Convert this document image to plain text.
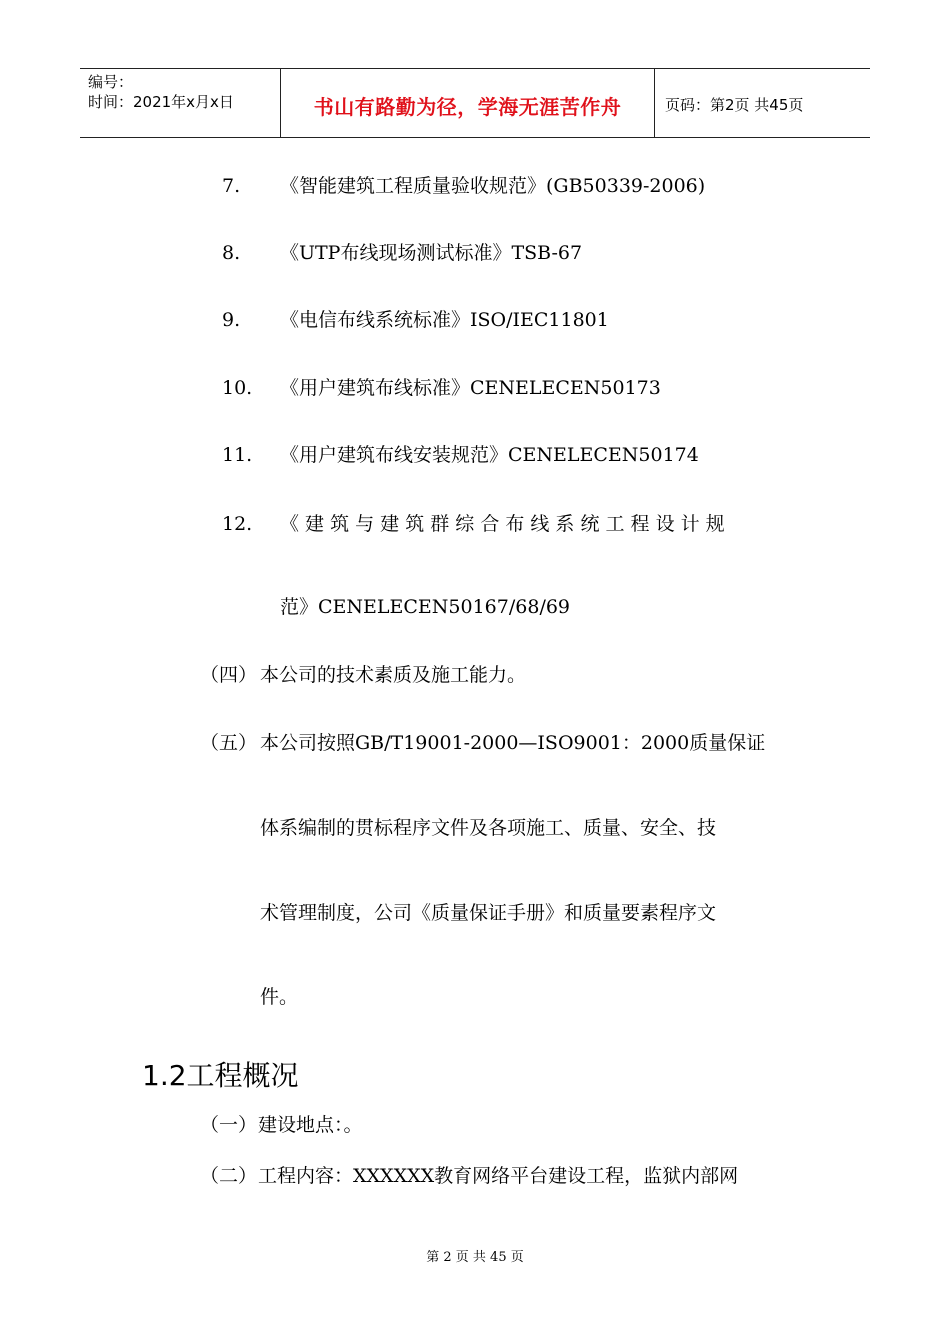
编号：
时间：2021年x月x日	书山有路勤为径，学海无涯苦作舟	页码：第2页 共45页
7. 《智能建筑工程质量验收规范》(GB50339-2006)
8. 《UTP布线现场测试标准》TSB-67
9. 《电信布线系统标准》ISO/IEC11801
10. 《用户建筑布线标准》CENELECEN50173
11. 《用户建筑布线安装规范》CENELECEN50174
12. 《 建 筑 与 建 筑 群 综 合 布 线 系 统 工 程 设 计 规
范》CENELECEN50167/68/69
（四） 本公司的技术素质及施工能力。
（五） 本公司按照GB/T19001-2000—ISO9001：2000质量保证
体系编制的贯标程序文件及各项施工、质量、安全、技
术管理制度，公司《质量保证手册》和质量要素程序文
件。
1.2工程概况
（一） 建设地点：。
（二） 工程内容：XXXXXX教育网络平台建设工程，监狱内部网
第 2 页 共 45 页
